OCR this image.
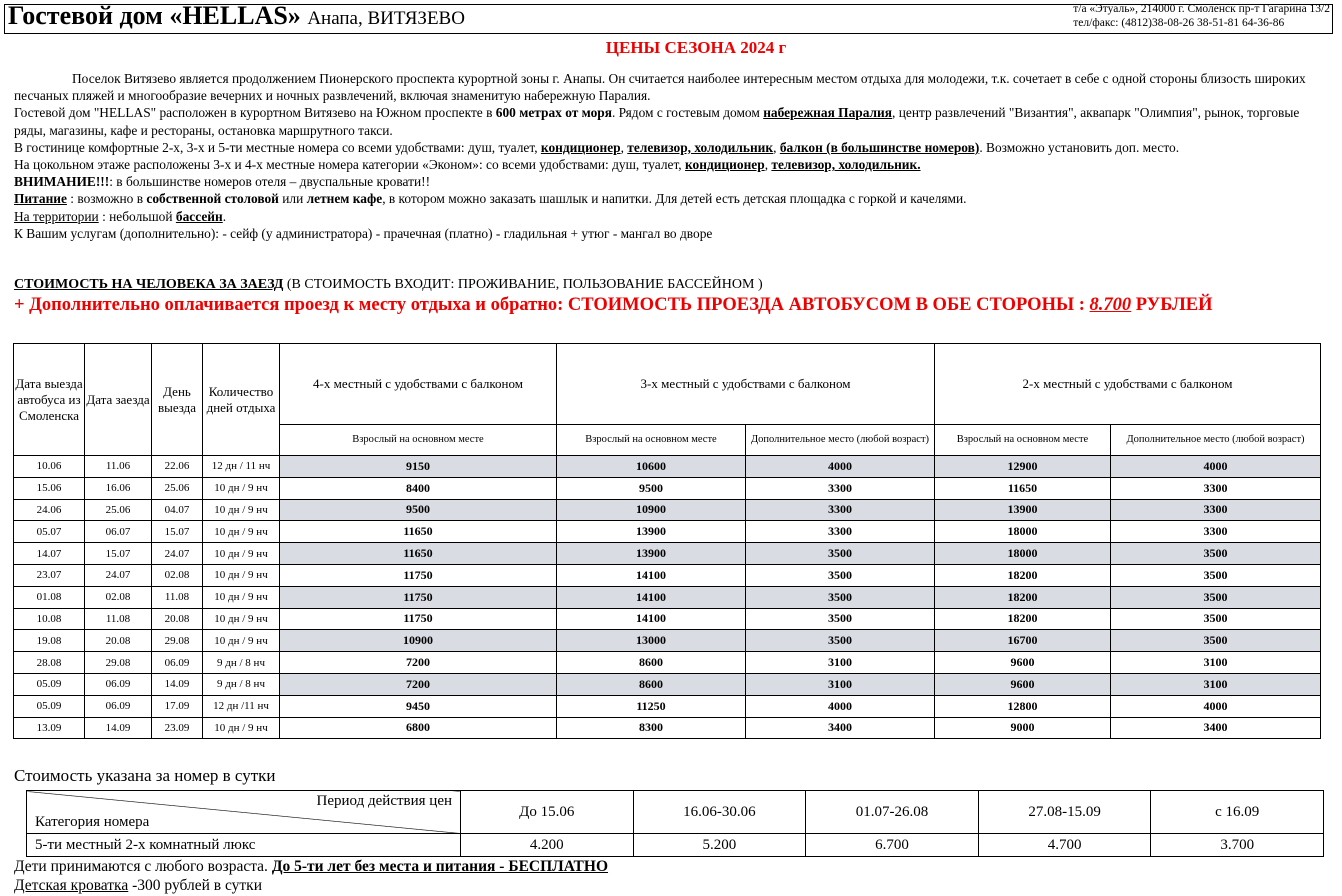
Гостевой дом «HELLAS» Анапа, ВИТЯЗЕВО	т/а «Этуаль», 214000 г. Смоленск пр-т Гагарина 13/2
тел/факс: (4812)38-08-26 38-51-81 64-36-86
ЦЕНЫ СЕЗОНА 2024 г

Поселок Витязево является продолжением Пионерского проспекта курортной зоны г. Анапы. Он считается наиболее интересным местом отдыха для молодежи, т.к. сочетает в себе с одной стороны близость широких песчаных пляжей и многообразие вечерних и ночных развлечений, включая знаменитую набережную Паралия.

Гостевой дом "HELLAS" расположен в курортном Витязево на Южном проспекте в 600 метрах от моря. Рядом с гостевым домом набережная Паралия, центр развлечений "Византия", аквапарк "Олимпия", рынок, торговые ряды, магазины, кафе и рестораны, остановка маршрутного такси.

В гостинице комфортные 2-х, 3-х и 5-ти местные номера со всеми удобствами: душ, туалет, кондиционер, телевизор, холодильник, балкон (в большинстве номеров). Возможно установить доп. место.

На цокольном этаже расположены 3-х и 4-х местные номера категории «Эконом»: со всеми удобствами: душ, туалет, кондиционер, телевизор, холодильник.

ВНИМАНИЕ!!!: в большинстве номеров отеля – двуспальные кровати!!

Питание : возможно в собственной столовой или летнем кафе, в котором можно заказать шашлык и напитки. Для детей есть детская площадка с горкой и качелями.

На территории : небольшой бассейн.

К Вашим услугам (дополнительно): - сейф (у администратора) - прачечная (платно) - гладильная + утюг - мангал во дворе

СТОИМОСТЬ НА ЧЕЛОВЕКА ЗА ЗАЕЗД (В СТОИМОСТЬ ВХОДИТ: ПРОЖИВАНИЕ, ПОЛЬЗОВАНИЕ БАССЕЙНОМ )
+ Дополнительно оплачивается проезд к месту отдыха и обратно: СТОИМОСТЬ ПРОЕЗДА АВТОБУСОМ В ОБЕ СТОРОНЫ : 8.700 РУБЛЕЙ
Дата выезда автобуса из Смоленска	Дата заезда	День выезда	Количество дней отдыха	4-х местный с удобствами с балконом	3-х местный с удобствами с балконом		2-х местный с удобствами с балконом	
				Взрослый на основном месте	Взрослый на основном месте	Дополнительное место (любой возраст)	Взрослый на основном месте	Дополнительное место (любой возраст)
10.06	11.06	22.06	12 дн / 11 нч	9150	10600	4000	12900	4000
15.06	16.06	25.06	10 дн / 9 нч	8400	9500	3300	11650	3300
24.06	25.06	04.07	10 дн / 9 нч	9500	10900	3300	13900	3300
05.07	06.07	15.07	10 дн / 9 нч	11650	13900	3300	18000	3300
14.07	15.07	24.07	10 дн / 9 нч	11650	13900	3500	18000	3500
23.07	24.07	02.08	10 дн / 9 нч	11750	14100	3500	18200	3500
01.08	02.08	11.08	10 дн / 9 нч	11750	14100	3500	18200	3500
10.08	11.08	20.08	10 дн / 9 нч	11750	14100	3500	18200	3500
19.08	20.08	29.08	10 дн / 9 нч	10900	13000	3500	16700	3500
28.08	29.08	06.09	9 дн / 8 нч	7200	8600	3100	9600	3100
05.09	06.09	14.09	9 дн / 8 нч	7200	8600	3100	9600	3100
05.09	06.09	17.09	12 дн /11 нч	9450	11250	4000	12800	4000
13.09	14.09	23.09	10 дн / 9 нч	6800	8300	3400	9000	3400
Стоимость указана за номер в сутки
Период действия цен
Категория номера	До 15.06	16.06-30.06	01.07-26.08	27.08-15.09	с 16.09
5-ти местный 2-х комнатный люкс	4.200	5.200	6.700	4.700	3.700
Дети принимаются с любого возраста. До 5-ти лет без места и питания - БЕСПЛАТНО
Детская кроватка -300 рублей в сутки
